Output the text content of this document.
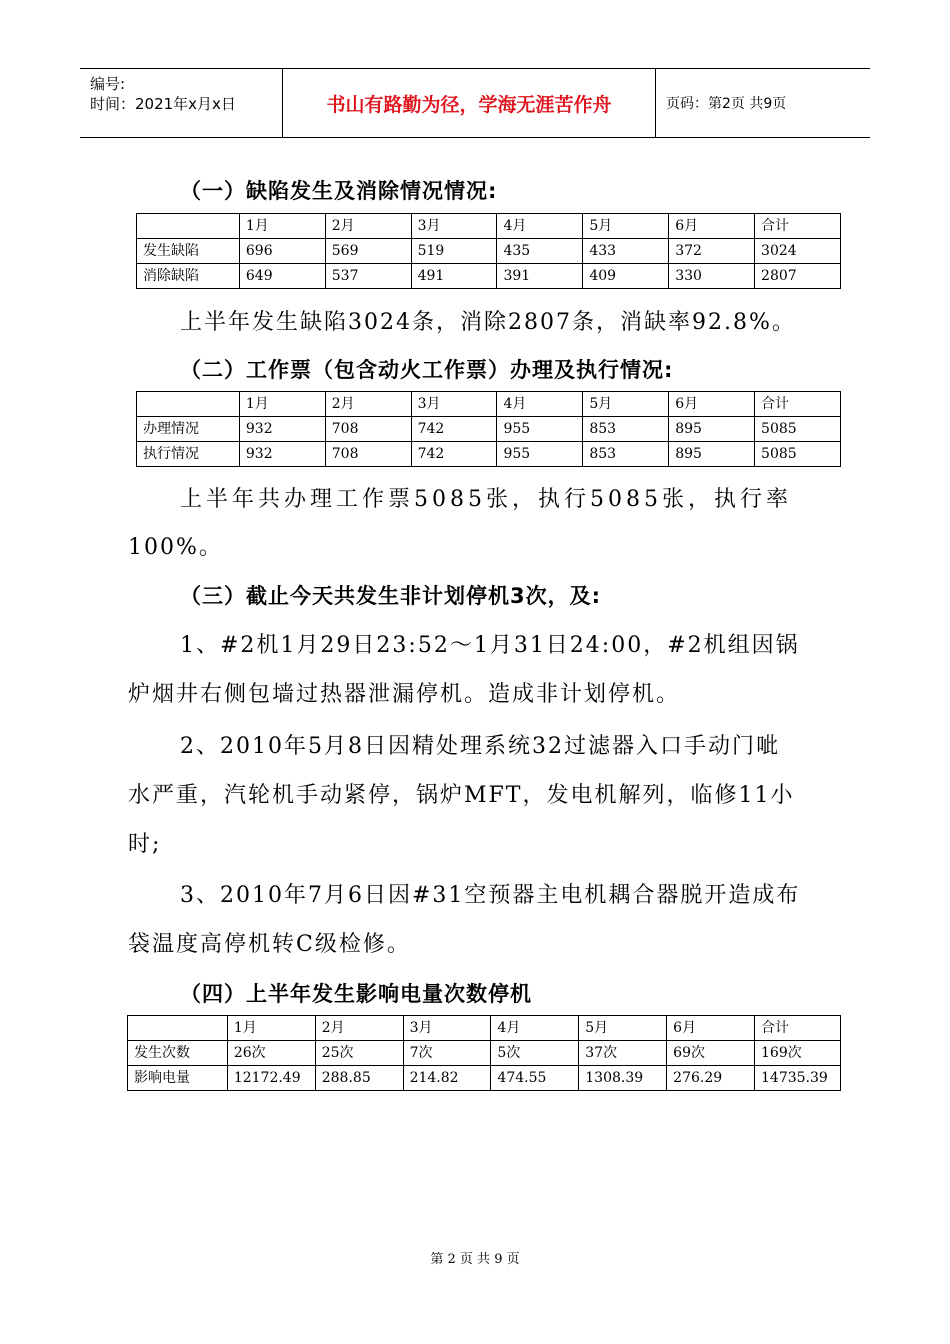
编号:
时间：2021年x月x日	书山有路勤为径，学海无涯苦作舟	页码：第2页 共9页
（一）缺陷发生及消除情况情况:
	1月	2月	3月	4月	5月	6月	合计
发生缺陷	696	569	519	435	433	372	3024
消除缺陷	649	537	491	391	409	330	2807
上半年发生缺陷3024条，消除2807条，消缺率92.8%。
（二）工作票（包含动火工作票）办理及执行情况:
	1月	2月	3月	4月	5月	6月	合计
办理情况	932	708	742	955	853	895	5085
执行情况	932	708	742	955	853	895	5085
上半年共办理工作票5085张，执行5085张，执行率
100%。
（三）截止今天共发生非计划停机3次，及:
1、#2机1月29日23:52～1月31日24:00，#2机组因锅
炉烟井右侧包墙过热器泄漏停机。造成非计划停机。
2、2010年5月8日因精处理系统32过滤器入口手动门呲
水严重，汽轮机手动紧停，锅炉MFT，发电机解列，临修11小
时;
3、2010年7月6日因#31空预器主电机耦合器脱开造成布
袋温度高停机转C级检修。
（四）上半年发生影响电量次数停机
	1月	2月	3月	4月	5月	6月	合计
发生次数	26次	25次	7次	5次	37次	69次	169次
影响电量	12172.49	288.85	214.82	474.55	1308.39	276.29	14735.39
第 2 页 共 9 页
